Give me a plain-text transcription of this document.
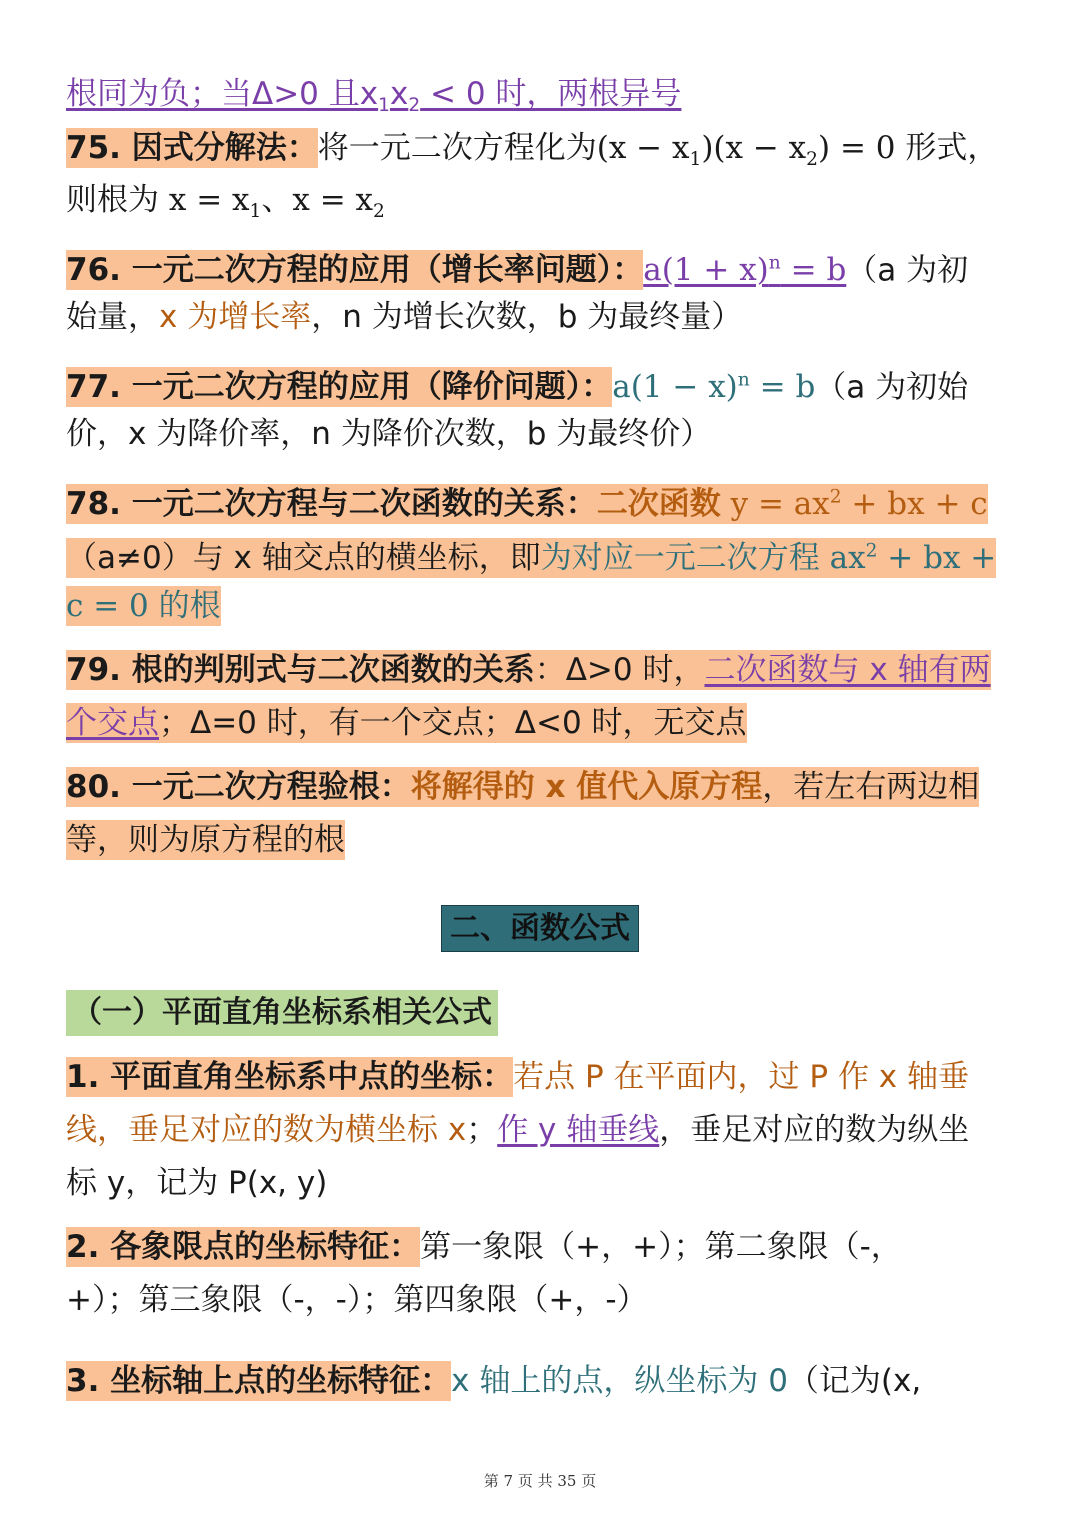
根同为负；当Δ>0 且$x_1x_2 < 0$ 时，两根异号
75. 因式分解法：将一元二次方程化为$(x - x_1)(x - x_2) = 0$ 形式，
则根为 $x = x_1$、$x = x_2$
76. 一元二次方程的应用（增长率问题）：$a(1 + x)^n = b(a$ 为初
始量，x 为增长率，n 为增长次数，b 为最终量）
77. 一元二次方程的应用（降价问题）：$a(1 - x)^n = b(a$ 为初始
价，x 为降价率，n 为降价次数，b 为最终价）
78. 一元二次方程与二次函数的关系：二次函数 $y = ax^2$ + bx + c
（a≠0）与 x 轴交点的横坐标，即为对应一元二次方程 $ax^2$ + bx +
c = 0 的根
79. 根的判别式与二次函数的关系：Δ>0 时，二次函数与 x 轴有两
个交点；Δ=0 时，有一个交点；Δ<0 时，无交点
80. 一元二次方程验根：将解得的 x 值代入原方程，若左右两边相
等，则为原方程的根
二、函数公式
（一）平面直角坐标系相关公式
1. 平面直角坐标系中点的坐标：若点 P 在平面内，过 P 作 x 轴垂
线，垂足对应的数为横坐标 x；作 y 轴垂线，垂足对应的数为纵坐
标 y，记为 P(x, y)
2. 各象限点的坐标特征：第一象限（+，+）；第二象限（-，
+）；第三象限（-，-）；第四象限（+，-）
3. 坐标轴上点的坐标特征：x 轴上的点，纵坐标为 0（记为(x,
第 7 页 共 35 页
